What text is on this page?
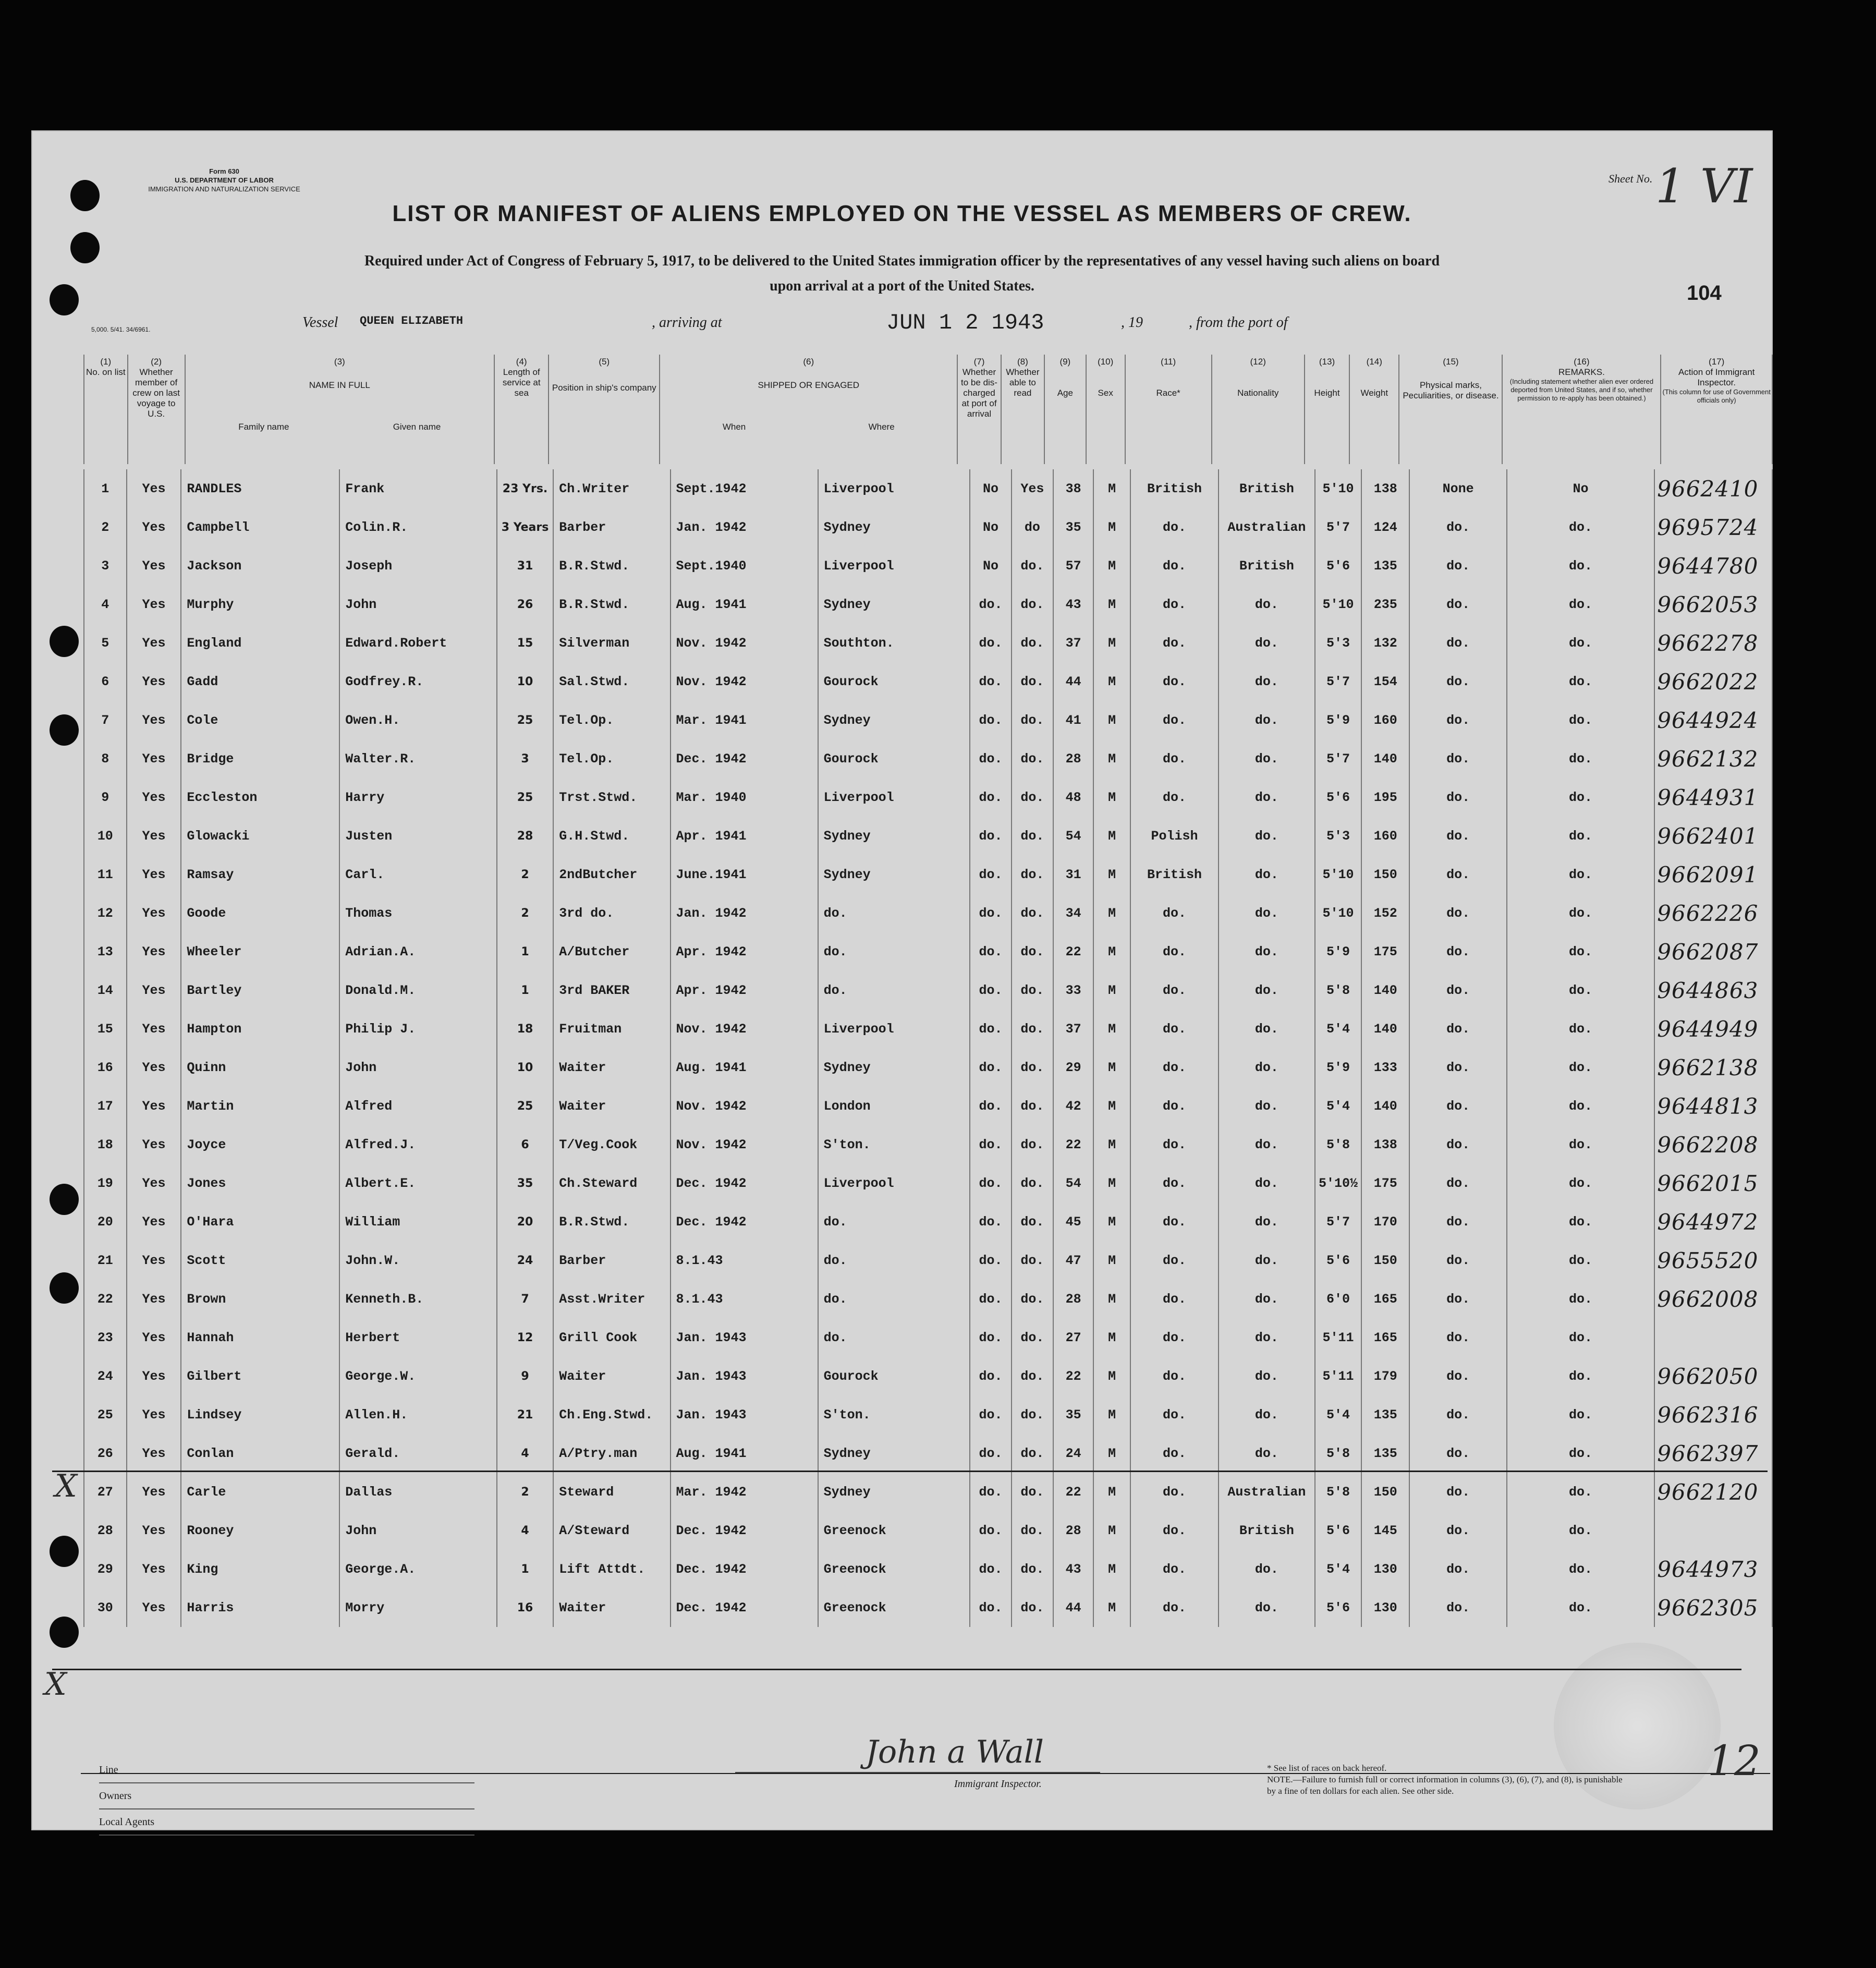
Form 630
U.S. DEPARTMENT OF LABOR
IMMIGRATION AND NATURALIZATION SERVICE
5,000. 5/41. 34/6961.
Sheet No. 1 VI
104
LIST OR MANIFEST OF ALIENS EMPLOYED ON THE VESSEL AS MEMBERS OF CREW.
Required under Act of Congress of February 5, 1917, to be delivered to the United States immigration officer by the representatives of any vessel having such aliens on board
upon arrival at a port of the United States.
Vessel QUEEN ELIZABETH	, arriving at	JUN 1 2 1943	, 19	, from the port of
(1)
No. on list

(2)
Whether member of crew on last voyage to U.S.

(3)
NAME IN FULL
Family name	Given name

(4)
Length of service at sea

(5)
Position in ship's company

(6)
SHIPPED OR ENGAGED
When	Where

(7)
Whether to be dis-charged at port of arrival

(8)
Whether able to read

(9)
Age

(10)
Sex

(11)
Race*

(12)
Nationality

(13)
Height

(14)
Weight

(15)
Physical marks, Peculiarities, or disease.

(16)
REMARKS.
(Including statement whether alien ever ordered deported from United States, and if so, whether permission to re-apply has been obtained.)

(17)
Action of Immigrant Inspector.
(This column for use of Government officials only)
1	Yes	RANDLES	Frank	23 Yrs.	Ch.Writer	Sept.1942	Liverpool	No	Yes	38	M	British	British	5'10	138	None	No	9662410
2	Yes	Campbell	Colin.R.	3 Years	Barber	Jan. 1942	Sydney	No	do	35	M	do.	Australian	5'7	124	do.	do.	9695724
3	Yes	Jackson	Joseph	31	B.R.Stwd.	Sept.1940	Liverpool	No	do.	57	M	do.	British	5'6	135	do.	do.	9644780
4	Yes	Murphy	John	26	B.R.Stwd.	Aug. 1941	Sydney	do.	do.	43	M	do.	do.	5'10	235	do.	do.	9662053
5	Yes	England	Edward.Robert	15	Silverman	Nov. 1942	Southton.	do.	do.	37	M	do.	do.	5'3	132	do.	do.	9662278
6	Yes	Gadd	Godfrey.R.	10	Sal.Stwd.	Nov. 1942	Gourock	do.	do.	44	M	do.	do.	5'7	154	do.	do.	9662022
7	Yes	Cole	Owen.H.	25	Tel.Op.	Mar. 1941	Sydney	do.	do.	41	M	do.	do.	5'9	160	do.	do.	9644924
8	Yes	Bridge	Walter.R.	3	Tel.Op.	Dec. 1942	Gourock	do.	do.	28	M	do.	do.	5'7	140	do.	do.	9662132
9	Yes	Eccleston	Harry	25	Trst.Stwd.	Mar. 1940	Liverpool	do.	do.	48	M	do.	do.	5'6	195	do.	do.	9644931
10	Yes	Glowacki	Justen	28	G.H.Stwd.	Apr. 1941	Sydney	do.	do.	54	M	Polish	do.	5'3	160	do.	do.	9662401
11	Yes	Ramsay	Carl.	2	2ndButcher	June.1941	Sydney	do.	do.	31	M	British	do.	5'10	150	do.	do.	9662091
12	Yes	Goode	Thomas	2	3rd do.	Jan. 1942	do.	do.	do.	34	M	do.	do.	5'10	152	do.	do.	9662226
13	Yes	Wheeler	Adrian.A.	1	A/Butcher	Apr. 1942	do.	do.	do.	22	M	do.	do.	5'9	175	do.	do.	9662087
14	Yes	Bartley	Donald.M.	1	3rd BAKER	Apr. 1942	do.	do.	do.	33	M	do.	do.	5'8	140	do.	do.	9644863
15	Yes	Hampton	Philip J.	18	Fruitman	Nov. 1942	Liverpool	do.	do.	37	M	do.	do.	5'4	140	do.	do.	9644949
16	Yes	Quinn	John	10	Waiter	Aug. 1941	Sydney	do.	do.	29	M	do.	do.	5'9	133	do.	do.	9662138
17	Yes	Martin	Alfred	25	Waiter	Nov. 1942	London	do.	do.	42	M	do.	do.	5'4	140	do.	do.	9644813
18	Yes	Joyce	Alfred.J.	6	T/Veg.Cook	Nov. 1942	S'ton.	do.	do.	22	M	do.	do.	5'8	138	do.	do.	9662208
19	Yes	Jones	Albert.E.	35	Ch.Steward	Dec. 1942	Liverpool	do.	do.	54	M	do.	do.	5'10½	175	do.	do.	9662015
20	Yes	O'Hara	William	20	B.R.Stwd.	Dec. 1942	do.	do.	do.	45	M	do.	do.	5'7	170	do.	do.	9644972
21	Yes	Scott	John.W.	24	Barber	8.1.43	do.	do.	do.	47	M	do.	do.	5'6	150	do.	do.	9655520
22	Yes	Brown	Kenneth.B.	7	Asst.Writer	8.1.43	do.	do.	do.	28	M	do.	do.	6'0	165	do.	do.	9662008
23	Yes	Hannah	Herbert	12	Grill Cook	Jan. 1943	do.	do.	do.	27	M	do.	do.	5'11	165	do.	do.	
24	Yes	Gilbert	George.W.	9	Waiter	Jan. 1943	Gourock	do.	do.	22	M	do.	do.	5'11	179	do.	do.	9662050
25	Yes	Lindsey	Allen.H.	21	Ch.Eng.Stwd.	Jan. 1943	S'ton.	do.	do.	35	M	do.	do.	5'4	135	do.	do.	9662316
26	Yes	Conlan	Gerald.	4	A/Ptry.man	Aug. 1941	Sydney	do.	do.	24	M	do.	do.	5'8	135	do.	do.	9662397
27	Yes	Carle	Dallas	2	Steward	Mar. 1942	Sydney	do.	do.	22	M	do.	Australian	5'8	150	do.	do.	9662120
28	Yes	Rooney	John	4	A/Steward	Dec. 1942	Greenock	do.	do.	28	M	do.	British	5'6	145	do.	do.	
29	Yes	King	George.A.	1	Lift Attdt.	Dec. 1942	Greenock	do.	do.	43	M	do.	do.	5'4	130	do.	do.	9644973
30	Yes	Harris	Morry	16	Waiter	Dec. 1942	Greenock	do.	do.	44	M	do.	do.	5'6	130	do.	do.	9662305
X
X
Line
Owners
Local Agents
John a Wall
Immigrant Inspector.
* See list of races on back hereof.
NOTE.—Failure to furnish full or correct information in columns (3), (6), (7), and (8), is punishable by a fine of ten dollars for each alien. See other side.
12
